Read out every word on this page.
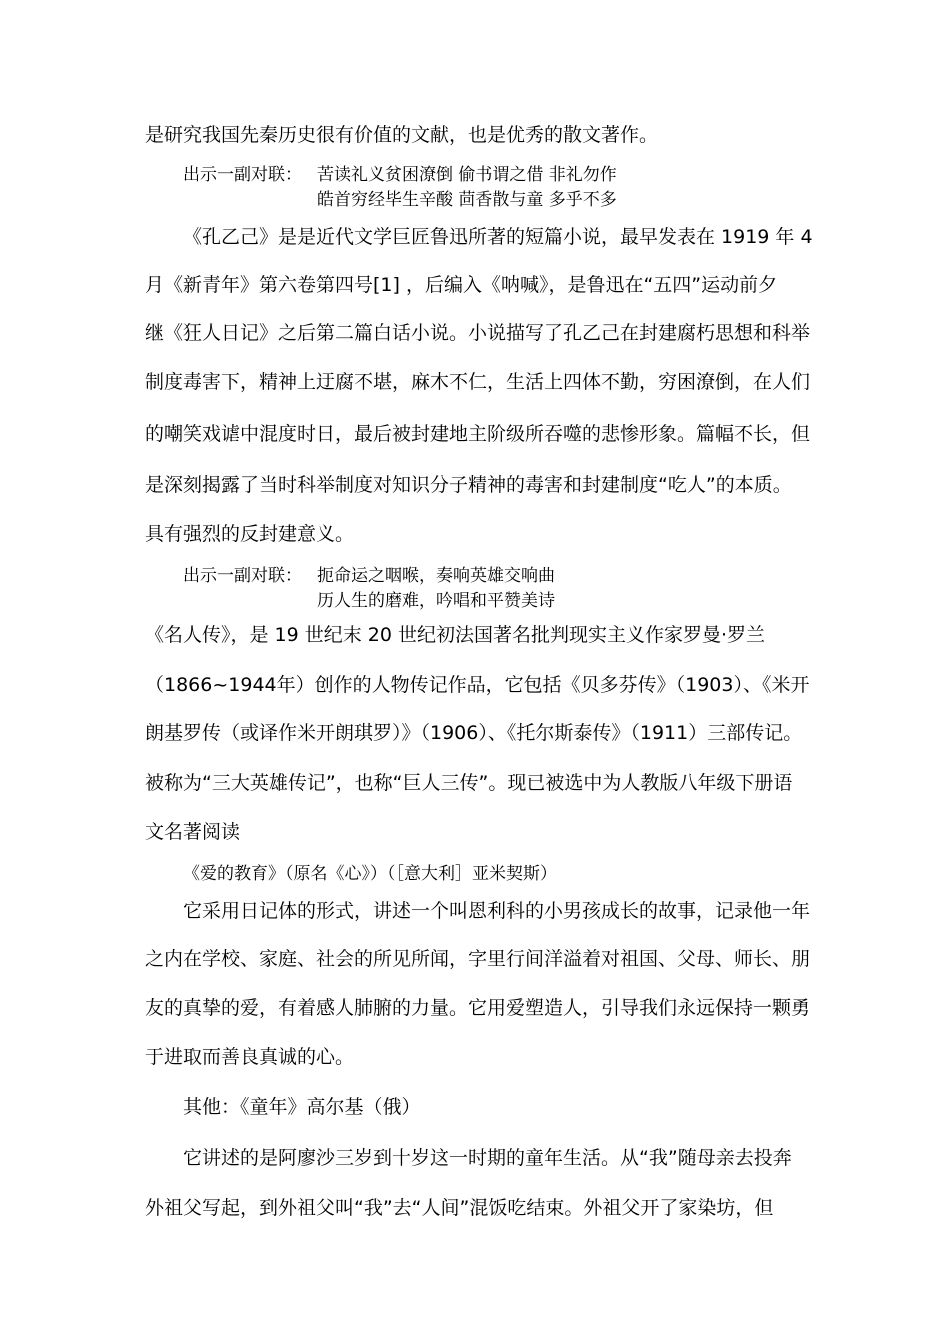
是研究我国先秦历史很有价值的文献，也是优秀的散文著作。
出示一副对联： 苦读礼义贫困潦倒 偷书谓之借 非礼勿作
皓首穷经毕生辛酸 茴香散与童 多乎不多
《孔乙己》是是近代文学巨匠鲁迅所著的短篇小说，最早发表在 1919 年 4
月《新青年》第六卷第四号[1] ，后编入《呐喊》，是鲁迅在“五四”运动前夕
继《狂人日记》之后第二篇白话小说。小说描写了孔乙己在封建腐朽思想和科举
制度毒害下，精神上迂腐不堪，麻木不仁，生活上四体不勤，穷困潦倒，在人们
的嘲笑戏谑中混度时日，最后被封建地主阶级所吞噬的悲惨形象。篇幅不长，但
是深刻揭露了当时科举制度对知识分子精神的毒害和封建制度“吃人”的本质。
具有强烈的反封建意义。
出示一副对联： 扼命运之咽喉，奏响英雄交响曲
历人生的磨难，吟唱和平赞美诗
《名人传》，是 19 世纪末 20 世纪初法国著名批判现实主义作家罗曼·罗兰
（1866~1944年）创作的人物传记作品，它包括《贝多芬传》（1903）、《米开
朗基罗传（或译作米开朗琪罗）》（1906）、《托尔斯泰传》（1911）三部传记。
被称为“三大英雄传记”，也称“巨人三传”。现已被选中为人教版八年级下册语
文名著阅读
《爱的教育》（原名《心》）（［意大利］亚米契斯）
它采用日记体的形式，讲述一个叫恩利科的小男孩成长的故事，记录他一年
之内在学校、家庭、社会的所见所闻，字里行间洋溢着对祖国、父母、师长、朋
友的真挚的爱，有着感人肺腑的力量。它用爱塑造人，引导我们永远保持一颗勇
于进取而善良真诚的心。
其他：《童年》高尔基（俄）
它讲述的是阿廖沙三岁到十岁这一时期的童年生活。从“我”随母亲去投奔
外祖父写起，到外祖父叫“我”去“人间”混饭吃结束。外祖父开了家染坊，但
